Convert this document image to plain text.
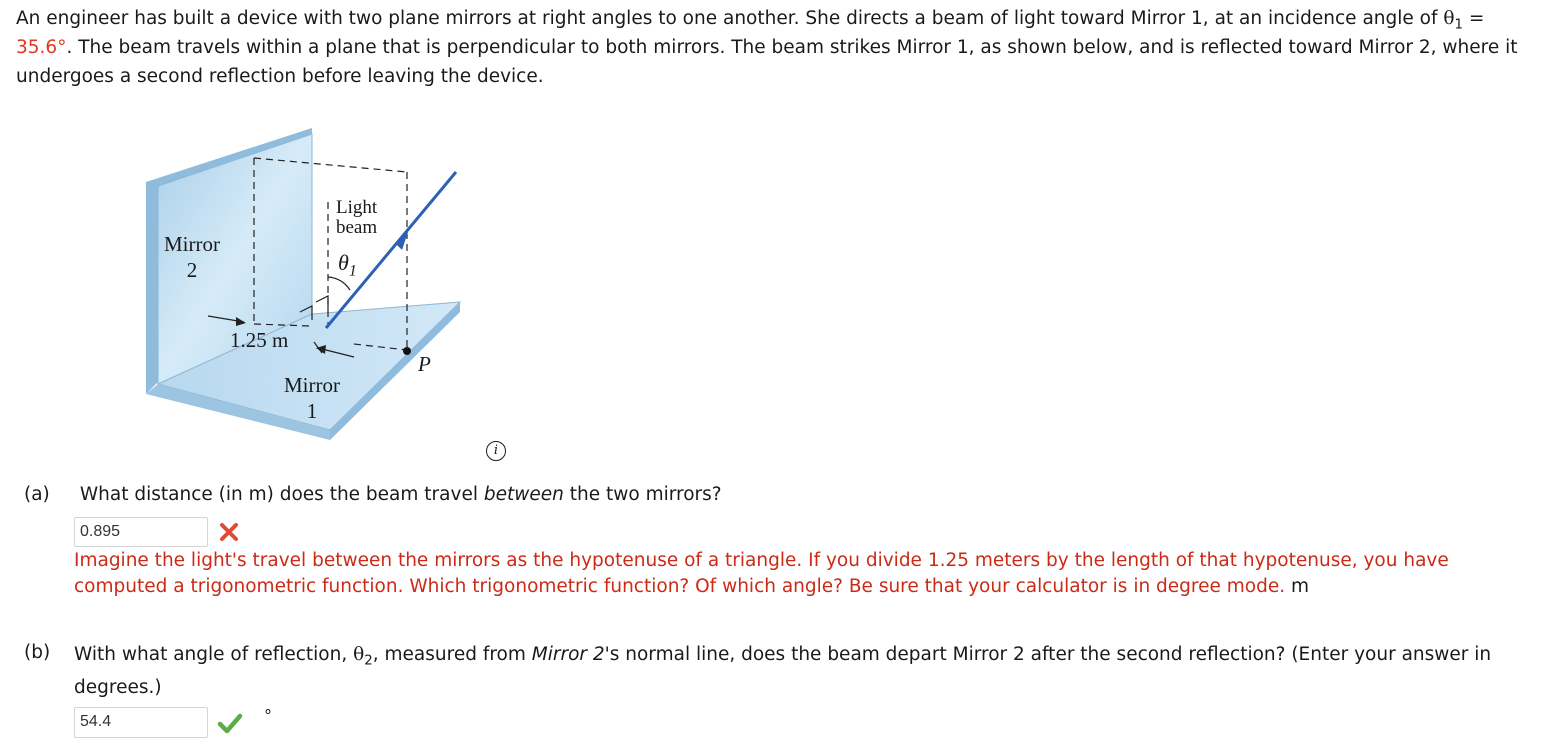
An engineer has built a device with two plane mirrors at right angles to one another. She directs a beam of light toward Mirror 1, at an incidence angle of $\theta_1 = 35.6^\circ$. The beam travels within a plane that is perpendicular to both mirrors. The beam strikes Mirror 1, as shown below, and is reflected toward Mirror 2, where it undergoes a second reflection before leaving the device.

Light
beam
$\theta_1$
Mirror
2
1.25 m
Mirror
1
P
i
(a) What distance (in m) does the beam travel between the two mirrors?
0.895
Imagine the light's travel between the mirrors as the hypotenuse of a triangle. If you divide 1.25 meters by the length of that hypotenuse, you have computed a trigonometric function. Which trigonometric function? Of which angle? Be sure that your calculator is in degree mode. m
(b)	With what angle of reflection, $\theta_2$, measured from Mirror 2's normal line, does the beam depart Mirror 2 after the second reflection? (Enter your answer in degrees.)
54.4	°
